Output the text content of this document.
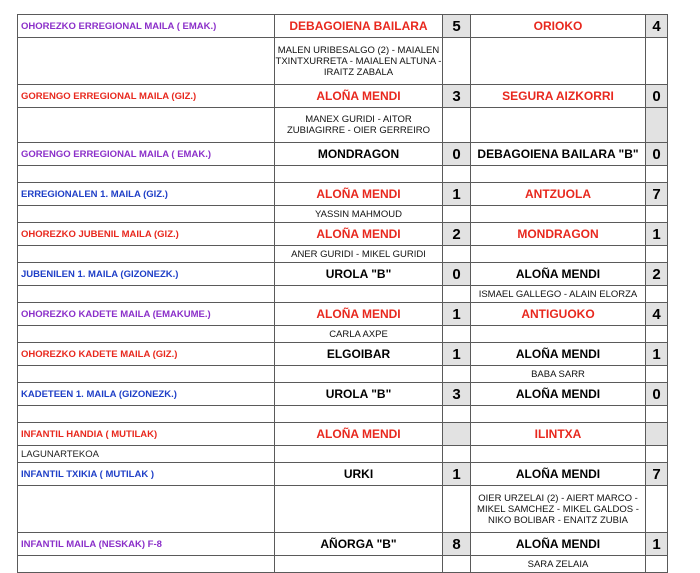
OHOREZKO ERREGIONAL MAILA ( EMAK.)	DEBAGOIENA BAILARA	5	ORIOKO	4
	MALEN URIBESALGO (2) - MAIALEN TXINTXURRETA - MAIALEN ALTUNA - IRAITZ ZABALA			
GORENGO ERREGIONAL MAILA (GIZ.)	ALOÑA MENDI	3	SEGURA AIZKORRI	0
	MANEX GURIDI - AITOR ZUBIAGIRRE - OIER GERREIRO			
GORENGO ERREGIONAL MAILA ( EMAK.)	MONDRAGON	0	DEBAGOIENA BAILARA "B"	0

ERREGIONALEN 1. MAILA (GIZ.)	ALOÑA MENDI	1	ANTZUOLA	7
	YASSIN MAHMOUD			
OHOREZKO JUBENIL MAILA (GIZ.)	ALOÑA MENDI	2	MONDRAGON	1
	ANER GURIDI - MIKEL GURIDI			
JUBENILEN 1. MAILA (GIZONEZK.)	UROLA "B"	0	ALOÑA MENDI	2
			ISMAEL GALLEGO - ALAIN ELORZA	
OHOREZKO KADETE MAILA (EMAKUME.)	ALOÑA MENDI	1	ANTIGUOKO	4
	CARLA AXPE			
OHOREZKO KADETE MAILA (GIZ.)	ELGOIBAR	1	ALOÑA MENDI	1
			BABA SARR	
KADETEEN 1. MAILA (GIZONEZK.)	UROLA "B"	3	ALOÑA MENDI	0

INFANTIL HANDIA ( MUTILAK)	ALOÑA MENDI		ILINTXA	
LAGUNARTEKOA				
INFANTIL TXIKIA ( MUTILAK )	URKI	1	ALOÑA MENDI	7
			OIER URZELAI (2) - AIERT MARCO - MIKEL SAMCHEZ - MIKEL GALDOS - NIKO BOLIBAR - ENAITZ ZUBIA	
INFANTIL MAILA (NESKAK) F-8	AÑORGA "B"	8	ALOÑA MENDI	1
			SARA ZELAIA	
